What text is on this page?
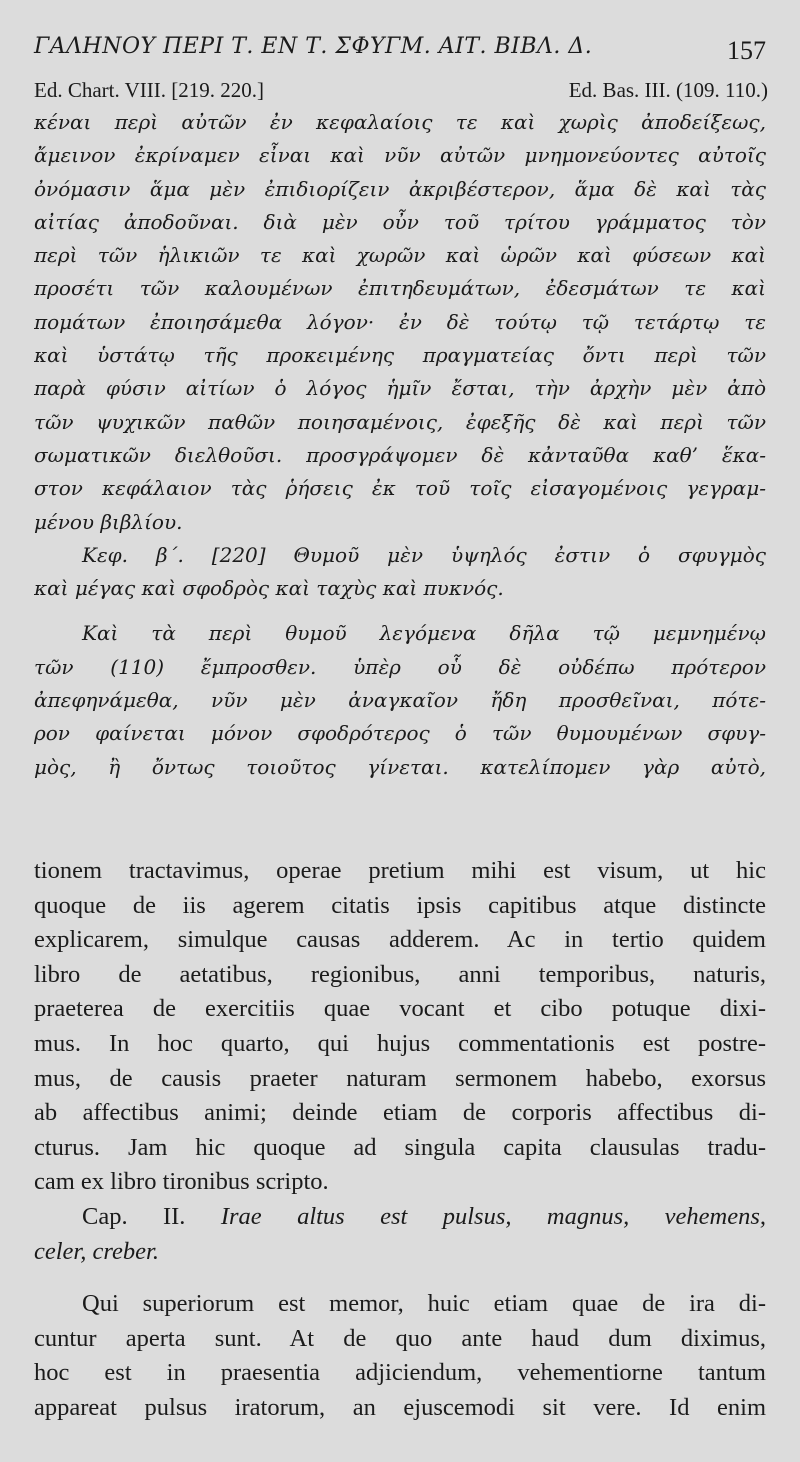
ΓΑΛΗΝΟΥ ΠΕΡΙ Τ. ΕΝ Τ. ΣΦΥΓΜ. ΑΙΤ. ΒΙΒΛ. Δ.	157
Ed. Chart. VIII. [219. 220.]	Ed. Bas. III. (109. 110.)
κέναι περὶ αὐτῶν ἐν κεφαλαίοις τε καὶ χωρὶς ἀποδείξεως,
ἄμεινον ἐκρίναμεν εἶναι καὶ νῦν αὐτῶν μνημονεύοντες αὐτοῖς
ὀνόμασιν ἅμα μὲν ἐπιδιορίζειν ἀκριβέστερον, ἅμα δὲ καὶ τὰς
αἰτίας ἀποδοῦναι. διὰ μὲν οὖν τοῦ τρίτου γράμματος τὸν
περὶ τῶν ἡλικιῶν τε καὶ χωρῶν καὶ ὡρῶν καὶ φύσεων καὶ
προσέτι τῶν καλουμένων ἐπιτηδευμάτων, ἐδεσμάτων τε καὶ
πομάτων ἐποιησάμεθα λόγον· ἐν δὲ τούτῳ τῷ τετάρτῳ τε
καὶ ὑστάτῳ τῆς προκειμένης πραγματείας ὄντι περὶ τῶν
παρὰ φύσιν αἰτίων ὁ λόγος ἡμῖν ἔσται, τὴν ἀρχὴν μὲν ἀπὸ
τῶν ψυχικῶν παθῶν ποιησαμένοις, ἐφεξῆς δὲ καὶ περὶ τῶν
σωματικῶν διελθοῦσι. προσγράψομεν δὲ κἀνταῦθα καθ’ ἕκα-
στον κεφάλαιον τὰς ῥήσεις ἐκ τοῦ τοῖς εἰσαγομένοις γεγραμ-
μένου βιβλίου.
Κεφ. β΄. [220] Θυμοῦ μὲν ὑψηλός ἐστιν ὁ σφυγμὸς
καὶ μέγας καὶ σφοδρὸς καὶ ταχὺς καὶ πυκνός.
Καὶ τὰ περὶ θυμοῦ λεγόμενα δῆλα τῷ μεμνημένῳ
τῶν (110) ἔμπροσθεν. ὑπὲρ οὗ δὲ οὐδέπω πρότερον
ἀπεφηνάμεθα, νῦν μὲν ἀναγκαῖον ἤδη προσθεῖναι, πότε-
ρον φαίνεται μόνον σφοδρότερος ὁ τῶν θυμουμένων σφυγ-
μὸς, ἢ ὄντως τοιοῦτος γίνεται. κατελίπομεν γὰρ αὐτὸ,
tionem tractavimus, operae pretium mihi est visum, ut hic
quoque de iis agerem citatis ipsis capitibus atque distincte
explicarem, simulque causas adderem. Ac in tertio quidem
libro de aetatibus, regionibus, anni temporibus, naturis,
praeterea de exercitiis quae vocant et cibo potuque dixi-
mus. In hoc quarto, qui hujus commentationis est postre-
mus, de causis praeter naturam sermonem habebo, exorsus
ab affectibus animi; deinde etiam de corporis affectibus di-
cturus. Jam hic quoque ad singula capita clausulas tradu-
cam ex libro tironibus scripto.
Cap. II. Irae altus est pulsus, magnus, vehemens,
celer, creber.
Qui superiorum est memor, huic etiam quae de ira di-
cuntur aperta sunt. At de quo ante haud dum diximus,
hoc est in praesentia adjiciendum, vehementiorne tantum
appareat pulsus iratorum, an ejuscemodi sit vere. Id enim
